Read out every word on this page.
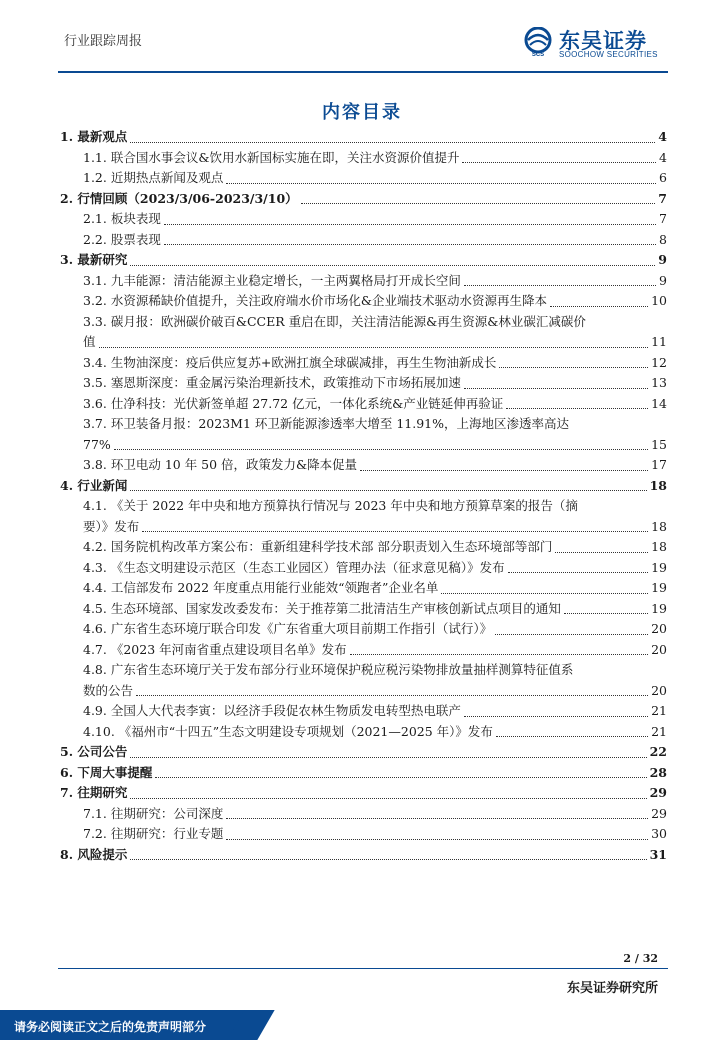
行业跟踪周报
SCS
东吴证券
SOOCHOW SECURITIES
内容目录
1. 最新观点	4
1.1. 联合国水事会议&饮用水新国标实施在即，关注水资源价值提升	4
1.2. 近期热点新闻及观点	6
2. 行情回顾（2023/3/06-2023/3/10）	7
2.1. 板块表现	7
2.2. 股票表现	8
3. 最新研究	9
3.1. 九丰能源：清洁能源主业稳定增长，一主两翼格局打开成长空间	9
3.2. 水资源稀缺价值提升，关注政府端水价市场化&企业端技术驱动水资源再生降本	10
3.3. 碳月报：欧洲碳价破百&CCER 重启在即，关注清洁能源&再生资源&林业碳汇减碳价
值	11
3.4. 生物油深度：疫后供应复苏+欧洲扛旗全球碳减排，再生生物油新成长	12
3.5. 塞恩斯深度：重金属污染治理新技术，政策推动下市场拓展加速	13
3.6. 仕净科技：光伏新签单超 27.72 亿元，一体化系统&产业链延伸再验证	14
3.7. 环卫装备月报：2023M1 环卫新能源渗透率大增至 11.91%，上海地区渗透率高达
77%	15
3.8. 环卫电动 10 年 50 倍，政策发力&降本促量	17
4. 行业新闻	18
4.1. 《关于 2022 年中央和地方预算执行情况与 2023 年中央和地方预算草案的报告（摘
要）》发布	18
4.2. 国务院机构改革方案公布：重新组建科学技术部 部分职责划入生态环境部等部门	18
4.3. 《生态文明建设示范区（生态工业园区）管理办法（征求意见稿）》发布	19
4.4. 工信部发布 2022 年度重点用能行业能效“领跑者”企业名单	19
4.5. 生态环境部、国家发改委发布：关于推荐第二批清洁生产审核创新试点项目的通知	19
4.6. 广东省生态环境厅联合印发《广东省重大项目前期工作指引（试行）》	20
4.7. 《2023 年河南省重点建设项目名单》发布	20
4.8. 广东省生态环境厅关于发布部分行业环境保护税应税污染物排放量抽样测算特征值系
数的公告	20
4.9. 全国人大代表李寅：以经济手段促农林生物质发电转型热电联产	21
4.10. 《福州市“十四五”生态文明建设专项规划（2021—2025 年）》发布	21
5. 公司公告	22
6. 下周大事提醒	28
7. 往期研究	29
7.1. 往期研究：公司深度	29
7.2. 往期研究：行业专题	30
8. 风险提示	31
2 / 32
东吴证券研究所
请务必阅读正文之后的免责声明部分
